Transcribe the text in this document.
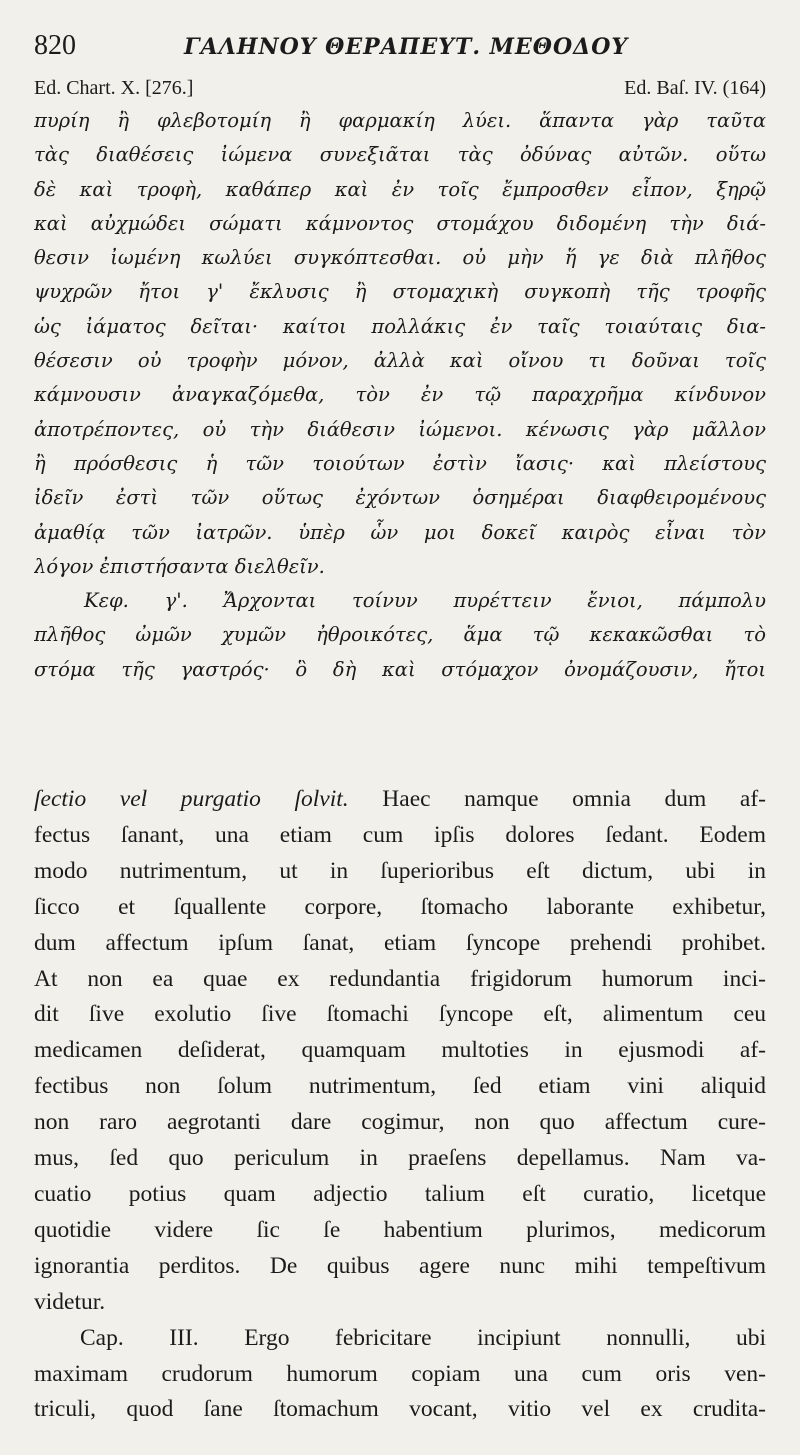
820	ΓΑΛΗΝΟΥ ΘΕΡΑΠΕΥΤ. ΜΕΘΟΔΟΥ
Ed. Chart. X. [276.]	Ed. Baſ. IV. (164)
πυρίη ἢ φλεβοτομίη ἢ φαρμακίη λύει. ἅπαντα γὰρ ταῦτα
τὰς διαθέσεις ἰώμενα συνεξιᾶται τὰς ὀδύνας αὐτῶν. οὕτω
δὲ καὶ τροφὴ, καθάπερ καὶ ἐν τοῖς ἔμπροσθεν εἶπον, ξηρῷ
καὶ αὐχμώδει σώματι κάμνοντος στομάχου διδομένη τὴν διά-
θεσιν ἰωμένη κωλύει συγκόπτεσθαι. οὐ μὴν ἥ γε διὰ πλῆθος
ψυχρῶν ἤτοι γ' ἔκλυσις ἢ στομαχικὴ συγκοπὴ τῆς τροφῆς
ὡς ἰάματος δεῖται· καίτοι πολλάκις ἐν ταῖς τοιαύταις δια-
θέσεσιν οὐ τροφὴν μόνον, ἀλλὰ καὶ οἴνου τι δοῦναι τοῖς
κάμνουσιν ἀναγκαζόμεθα, τὸν ἐν τῷ παραχρῆμα κίνδυνον
ἀποτρέποντες, οὐ τὴν διάθεσιν ἰώμενοι. κένωσις γὰρ μᾶλλον
ἢ πρόσθεσις ἡ τῶν τοιούτων ἐστὶν ἴασις· καὶ πλείστους
ἰδεῖν ἐστὶ τῶν οὕτως ἐχόντων ὁσημέραι διαφθειρομένους
ἀμαθίᾳ τῶν ἰατρῶν. ὑπὲρ ὧν μοι δοκεῖ καιρὸς εἶναι τὸν
λόγον ἐπιστήσαντα διελθεῖν.
Κεφ. γ'. Ἄρχονται τοίνυν πυρέττειν ἔνιοι, πάμπολυ
πλῆθος ὠμῶν χυμῶν ἠθροικότες, ἅμα τῷ κεκακῶσθαι τὸ
στόμα τῆς γαστρός· ὃ δὴ καὶ στόμαχον ὀνομάζουσιν, ἤτοι
ſectio vel purgatio ſolvit. Haec namque omnia dum af-
fectus ſanant, una etiam cum ipſis dolores ſedant. Eodem
modo nutrimentum, ut in ſuperioribus eſt dictum, ubi in
ſicco et ſquallente corpore, ſtomacho laborante exhibetur,
dum affectum ipſum ſanat, etiam ſyncope prehendi prohibet.
At non ea quae ex redundantia frigidorum humorum inci-
dit ſive exolutio ſive ſtomachi ſyncope eſt, alimentum ceu
medicamen deſiderat, quamquam multoties in ejusmodi af-
fectibus non ſolum nutrimentum, ſed etiam vini aliquid
non raro aegrotanti dare cogimur, non quo affectum cure-
mus, ſed quo periculum in praeſens depellamus. Nam va-
cuatio potius quam adjectio talium eſt curatio, licetque
quotidie videre ſic ſe habentium plurimos, medicorum
ignorantia perditos. De quibus agere nunc mihi tempeſtivum
videtur.
Cap. III. Ergo febricitare incipiunt nonnulli, ubi
maximam crudorum humorum copiam una cum oris ven-
triculi, quod ſane ſtomachum vocant, vitio vel ex crudita-
